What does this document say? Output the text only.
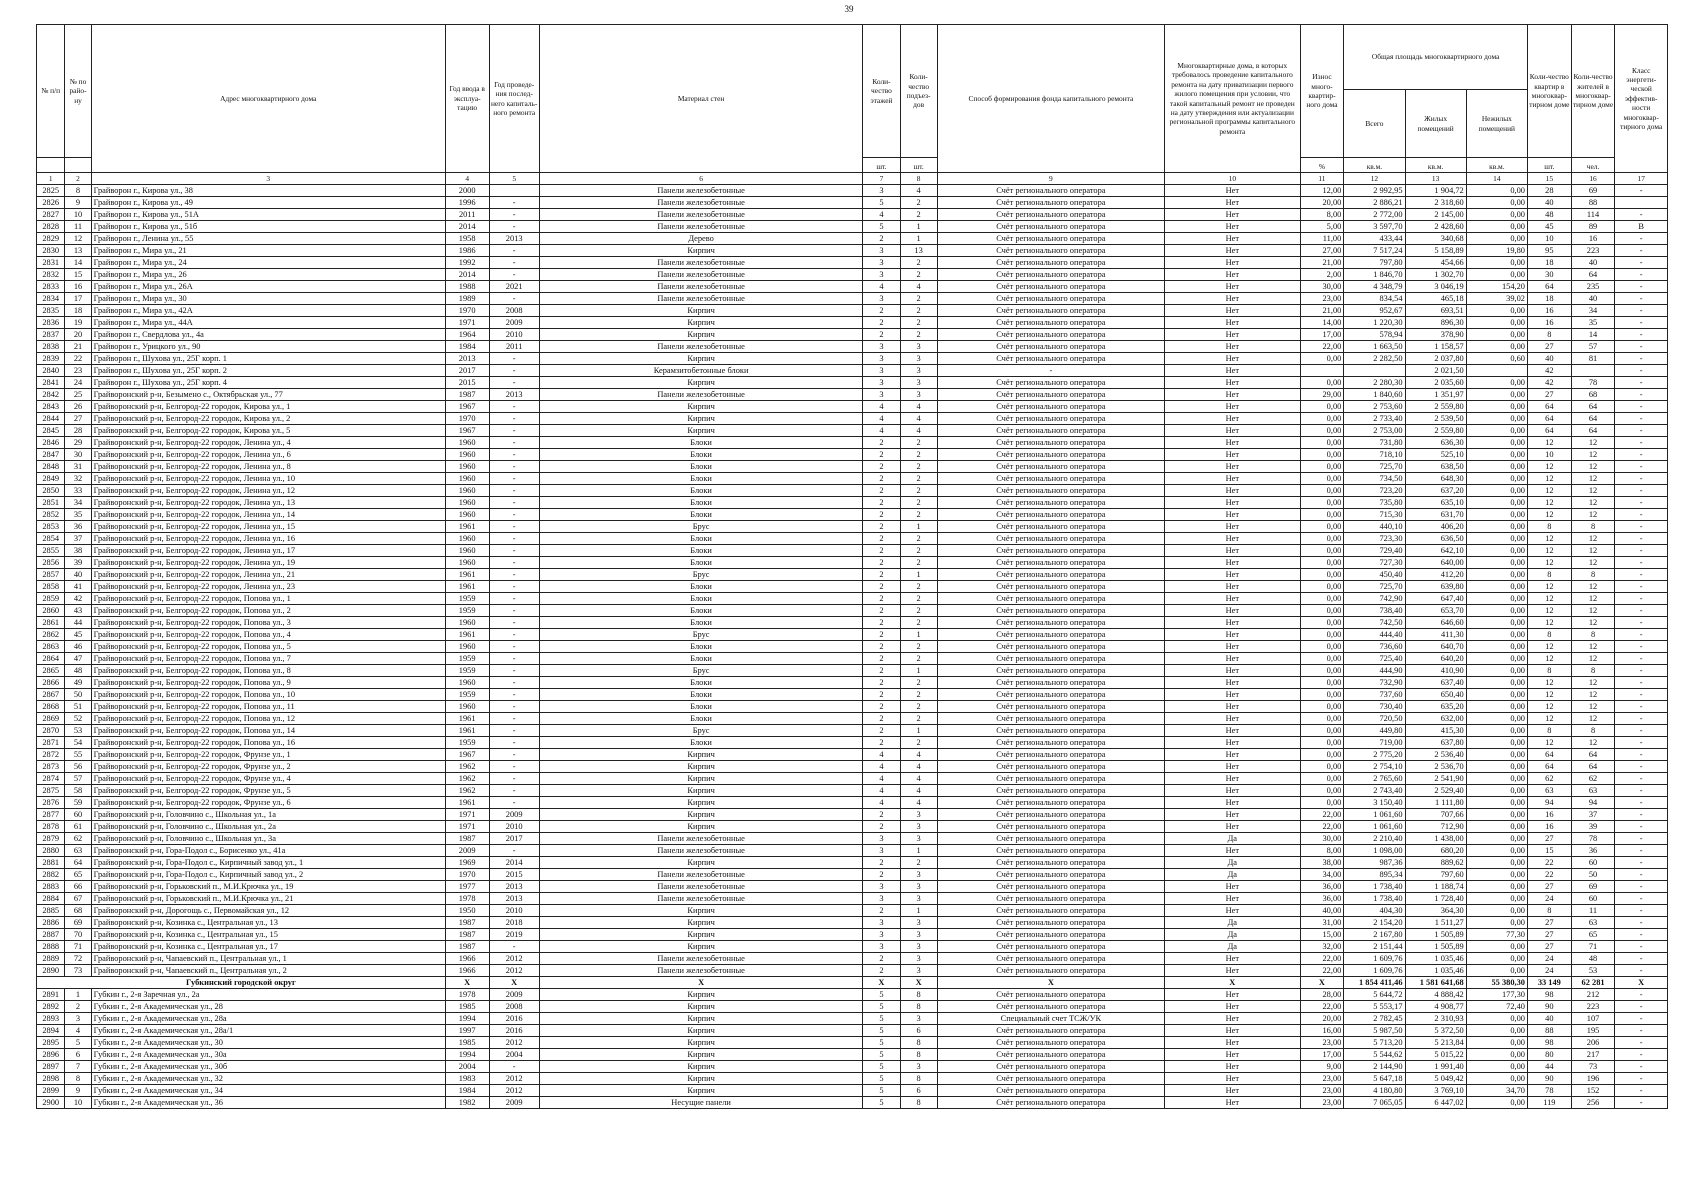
39
№ п/п	№ по райо-ну	Адрес многоквартирного дома	Год ввода в эксплуа-тацию	Год проведе-ния послед-него капиталь-ного ремонта	Материал стен	Коли-чество этажей	Коли-чество подъез-дов	Способ формирования фонда капитального ремонта	Многоквартирные дома, в которых требовалось проведение капитального ремонта на дату приватизации первого жилого помещения при условии, что такой капитальный ремонт не проведен на дату утверждения или актуализации региональной программы капитального ремонта	Износ много-квартир-ного дома	Общая площадь многоквартирного дома			Коли-чество квартир в многоквар-тирном доме	Коли-чество жителей в многоквар-тирном доме	Класс энергети-ческой эффектив-ности многоквар-тирного дома
											Всего	Жилых помещений	Нежилых помещений			
						шт.	шт.			%	кв.м.	кв.м.	кв.м.	шт.	чел.	
1	2	3	4	5	6	7	8	9	10	11	12	13	14	15	16	17
2825	8	Грайворон г., Кирова ул., 38	2000		Панели железобетонные	3	4	Счёт регионального оператора	Нет	12,00	2 992,95	1 904,72	0,00	28	69	-
2826	9	Грайворон г., Кирова ул., 49	1996	-	Панели железобетонные	5	2	Счёт регионального оператора	Нет	20,00	2 886,21	2 318,60	0,00	40	88	
2827	10	Грайворон г., Кирова ул., 51А	2011	-	Панели железобетонные	4	2	Счёт регионального оператора	Нет	8,00	2 772,00	2 145,00	0,00	48	114	-
2828	11	Грайворон г., Кирова ул., 51б	2014	-	Панели железобетонные	5	1	Счёт регионального оператора	Нет	5,00	3 597,70	2 428,60	0,00	45	89	В
2829	12	Грайворон г., Ленина ул., 55	1958	2013	Дерево	2	1	Счёт регионального оператора	Нет	11,00	433,44	340,68	0,00	10	16	-
2830	13	Грайворон г., Мира ул., 21	1986	-	Кирпич	3	13	Счёт регионального оператора	Нет	27,00	7 517,24	5 158,89	19,80	95	223	-
2831	14	Грайворон г., Мира ул., 24	1992	-	Панели железобетонные	3	2	Счёт регионального оператора	Нет	21,00	797,80	454,66	0,00	18	40	-
2832	15	Грайворон г., Мира ул., 26	2014	-	Панели железобетонные	3	2	Счёт регионального оператора	Нет	2,00	1 846,70	1 302,70	0,00	30	64	-
2833	16	Грайворон г., Мира ул., 26А	1988	2021	Панели железобетонные	4	4	Счёт регионального оператора	Нет	30,00	4 348,79	3 046,19	154,20	64	235	-
2834	17	Грайворон г., Мира ул., 30	1989	-	Панели железобетонные	3	2	Счёт регионального оператора	Нет	23,00	834,54	465,18	39,02	18	40	-
2835	18	Грайворон г., Мира ул., 42А	1970	2008	Кирпич	2	2	Счёт регионального оператора	Нет	21,00	952,67	693,51	0,00	16	34	-
2836	19	Грайворон г., Мира ул., 44А	1971	2009	Кирпич	2	2	Счёт регионального оператора	Нет	14,00	1 220,30	896,30	0,00	16	35	-
2837	20	Грайворон г., Свердлова ул., 4а	1964	2010	Кирпич	2	2	Счёт регионального оператора	Нет	17,00	578,94	378,90	0,00	8	14	-
2838	21	Грайворон г., Урицкого ул., 90	1984	2011	Панели железобетонные	3	3	Счёт регионального оператора	Нет	22,00	1 663,50	1 158,57	0,00	27	57	-
2839	22	Грайворон г., Шухова ул., 25Г корп. 1	2013	-	Кирпич	3	3	Счёт регионального оператора	Нет	0,00	2 282,50	2 037,80	0,60	40	81	-
2840	23	Грайворон г., Шухова ул., 25Г корп. 2	2017	-	Керамзитобетонные блоки	3	3	-	Нет			2 021,50		42		-
2841	24	Грайворон г., Шухова ул., 25Г корп. 4	2015	-	Кирпич	3	3	Счёт регионального оператора	Нет	0,00	2 280,30	2 035,60	0,00	42	78	-
2842	25	Грайворонский р-н, Безымено с., Октябрьская ул., 77	1987	2013	Панели железобетонные	3	3	Счёт регионального оператора	Нет	29,00	1 840,60	1 351,97	0,00	27	68	-
2843	26	Грайворонский р-н, Белгород-22 городок, Кирова ул., 1	1967	-	Кирпич	4	4	Счёт регионального оператора	Нет	0,00	2 753,60	2 559,80	0,00	64	64	-
2844	27	Грайворонский р-н, Белгород-22 городок, Кирова ул., 2	1970	-	Кирпич	4	4	Счёт регионального оператора	Нет	0,00	2 733,40	2 539,50	0,00	64	64	-
2845	28	Грайворонский р-н, Белгород-22 городок, Кирова ул., 5	1967	-	Кирпич	4	4	Счёт регионального оператора	Нет	0,00	2 753,00	2 559,80	0,00	64	64	-
2846	29	Грайворонский р-н, Белгород-22 городок, Ленина ул., 4	1960	-	Блоки	2	2	Счёт регионального оператора	Нет	0,00	731,80	636,30	0,00	12	12	-
2847	30	Грайворонский р-н, Белгород-22 городок, Ленина ул., 6	1960	-	Блоки	2	2	Счёт регионального оператора	Нет	0,00	718,10	525,10	0,00	10	12	-
2848	31	Грайворонский р-н, Белгород-22 городок, Ленина ул., 8	1960	-	Блоки	2	2	Счёт регионального оператора	Нет	0,00	725,70	638,50	0,00	12	12	-
2849	32	Грайворонский р-н, Белгород-22 городок, Ленина ул., 10	1960	-	Блоки	2	2	Счёт регионального оператора	Нет	0,00	734,50	648,30	0,00	12	12	-
2850	33	Грайворонский р-н, Белгород-22 городок, Ленина ул., 12	1960	-	Блоки	2	2	Счёт регионального оператора	Нет	0,00	723,20	637,20	0,00	12	12	-
2851	34	Грайворонский р-н, Белгород-22 городок, Ленина ул., 13	1960	-	Блоки	2	2	Счёт регионального оператора	Нет	0,00	735,80	635,10	0,00	12	12	-
2852	35	Грайворонский р-н, Белгород-22 городок, Ленина ул., 14	1960	-	Блоки	2	2	Счёт регионального оператора	Нет	0,00	715,30	631,70	0,00	12	12	-
2853	36	Грайворонский р-н, Белгород-22 городок, Ленина ул., 15	1961	-	Брус	2	1	Счёт регионального оператора	Нет	0,00	440,10	406,20	0,00	8	8	-
2854	37	Грайворонский р-н, Белгород-22 городок, Ленина ул., 16	1960	-	Блоки	2	2	Счёт регионального оператора	Нет	0,00	723,30	636,50	0,00	12	12	-
2855	38	Грайворонский р-н, Белгород-22 городок, Ленина ул., 17	1960	-	Блоки	2	2	Счёт регионального оператора	Нет	0,00	729,40	642,10	0,00	12	12	-
2856	39	Грайворонский р-н, Белгород-22 городок, Ленина ул., 19	1960	-	Блоки	2	2	Счёт регионального оператора	Нет	0,00	727,30	640,00	0,00	12	12	-
2857	40	Грайворонский р-н, Белгород-22 городок, Ленина ул., 21	1961	-	Брус	2	1	Счёт регионального оператора	Нет	0,00	450,40	412,20	0,00	8	8	-
2858	41	Грайворонский р-н, Белгород-22 городок, Ленина ул., 23	1961	-	Блоки	2	2	Счёт регионального оператора	Нет	0,00	725,70	639,80	0,00	12	12	-
2859	42	Грайворонский р-н, Белгород-22 городок, Попова ул., 1	1959	-	Блоки	2	2	Счёт регионального оператора	Нет	0,00	742,90	647,40	0,00	12	12	-
2860	43	Грайворонский р-н, Белгород-22 городок, Попова ул., 2	1959	-	Блоки	2	2	Счёт регионального оператора	Нет	0,00	738,40	653,70	0,00	12	12	-
2861	44	Грайворонский р-н, Белгород-22 городок, Попова ул., 3	1960	-	Блоки	2	2	Счёт регионального оператора	Нет	0,00	742,50	646,60	0,00	12	12	-
2862	45	Грайворонский р-н, Белгород-22 городок, Попова ул., 4	1961	-	Брус	2	1	Счёт регионального оператора	Нет	0,00	444,40	411,30	0,00	8	8	-
2863	46	Грайворонский р-н, Белгород-22 городок, Попова ул., 5	1960	-	Блоки	2	2	Счёт регионального оператора	Нет	0,00	736,60	640,70	0,00	12	12	-
2864	47	Грайворонский р-н, Белгород-22 городок, Попова ул., 7	1959	-	Блоки	2	2	Счёт регионального оператора	Нет	0,00	725,40	640,20	0,00	12	12	-
2865	48	Грайворонский р-н, Белгород-22 городок, Попова ул., 8	1959	-	Брус	2	1	Счёт регионального оператора	Нет	0,00	444,90	410,90	0,00	8	8	-
2866	49	Грайворонский р-н, Белгород-22 городок, Попова ул., 9	1960	-	Блоки	2	2	Счёт регионального оператора	Нет	0,00	732,90	637,40	0,00	12	12	-
2867	50	Грайворонский р-н, Белгород-22 городок, Попова ул., 10	1959	-	Блоки	2	2	Счёт регионального оператора	Нет	0,00	737,60	650,40	0,00	12	12	-
2868	51	Грайворонский р-н, Белгород-22 городок, Попова ул., 11	1960	-	Блоки	2	2	Счёт регионального оператора	Нет	0,00	730,40	635,20	0,00	12	12	-
2869	52	Грайворонский р-н, Белгород-22 городок, Попова ул., 12	1961	-	Блоки	2	2	Счёт регионального оператора	Нет	0,00	720,50	632,00	0,00	12	12	-
2870	53	Грайворонский р-н, Белгород-22 городок, Попова ул., 14	1961	-	Брус	2	1	Счёт регионального оператора	Нет	0,00	449,80	415,30	0,00	8	8	-
2871	54	Грайворонский р-н, Белгород-22 городок, Попова ул., 16	1959	-	Блоки	2	2	Счёт регионального оператора	Нет	0,00	719,00	637,80	0,00	12	12	-
2872	55	Грайворонский р-н, Белгород-22 городок, Фрунзе ул., 1	1967	-	Кирпич	4	4	Счёт регионального оператора	Нет	0,00	2 775,20	2 536,40	0,00	64	64	-
2873	56	Грайворонский р-н, Белгород-22 городок, Фрунзе ул., 2	1962	-	Кирпич	4	4	Счёт регионального оператора	Нет	0,00	2 754,10	2 536,70	0,00	64	64	-
2874	57	Грайворонский р-н, Белгород-22 городок, Фрунзе ул., 4	1962	-	Кирпич	4	4	Счёт регионального оператора	Нет	0,00	2 765,60	2 541,90	0,00	62	62	-
2875	58	Грайворонский р-н, Белгород-22 городок, Фрунзе ул., 5	1962	-	Кирпич	4	4	Счёт регионального оператора	Нет	0,00	2 743,40	2 529,40	0,00	63	63	-
2876	59	Грайворонский р-н, Белгород-22 городок, Фрунзе ул., 6	1961	-	Кирпич	4	4	Счёт регионального оператора	Нет	0,00	3 150,40	1 111,80	0,00	94	94	-
2877	60	Грайворонский р-н, Головчино с., Школьная ул., 1а	1971	2009	Кирпич	2	3	Счёт регионального оператора	Нет	22,00	1 061,60	707,66	0,00	16	37	-
2878	61	Грайворонский р-н, Головчино с., Школьная ул., 2а	1971	2010	Кирпич	2	3	Счёт регионального оператора	Нет	22,00	1 061,60	712,90	0,00	16	39	-
2879	62	Грайворонский р-н, Головчино с., Школьная ул., 3а	1987	2017	Панели железобетонные	3	3	Счёт регионального оператора	Да	30,00	2 210,40	1 438,00	0,00	27	78	-
2880	63	Грайворонский р-н, Гора-Подол с., Борисенко ул., 41а	2009	-	Панели железобетонные	3	1	Счёт регионального оператора	Нет	8,00	1 098,00	680,20	0,00	15	36	-
2881	64	Грайворонский р-н, Гора-Подол с., Кирпичный завод ул., 1	1969	2014	Кирпич	2	2	Счёт регионального оператора	Да	38,00	987,36	889,62	0,00	22	60	-
2882	65	Грайворонский р-н, Гора-Подол с., Кирпичный завод ул., 2	1970	2015	Панели железобетонные	2	3	Счёт регионального оператора	Да	34,00	895,34	797,60	0,00	22	50	-
2883	66	Грайворонский р-н, Горьковский п., М.И.Крючка ул., 19	1977	2013	Панели железобетонные	3	3	Счёт регионального оператора	Нет	36,00	1 738,40	1 188,74	0,00	27	69	-
2884	67	Грайворонский р-н, Горьковский п., М.И.Крючка ул., 21	1978	2013	Панели железобетонные	3	3	Счёт регионального оператора	Нет	36,00	1 738,40	1 728,40	0,00	24	60	-
2885	68	Грайворонский р-н, Дорогощь с., Первомайская ул., 12	1950	2010	Кирпич	2	1	Счёт регионального оператора	Нет	40,00	404,30	364,30	0,00	8	11	-
2886	69	Грайворонский р-н, Козинка с., Центральная ул., 13	1987	2018	Кирпич	3	3	Счёт регионального оператора	Да	31,00	2 154,20	1 511,27	0,00	27	63	-
2887	70	Грайворонский р-н, Козинка с., Центральная ул., 15	1987	2019	Кирпич	3	3	Счёт регионального оператора	Да	15,00	2 167,80	1 505,89	77,30	27	65	-
2888	71	Грайворонский р-н, Козинка с., Центральная ул., 17	1987	-	Кирпич	3	3	Счёт регионального оператора	Да	32,00	2 151,44	1 505,89	0,00	27	71	-
2889	72	Грайворонский р-н, Чапаевский п., Центральная ул., 1	1966	2012	Панели железобетонные	2	3	Счёт регионального оператора	Нет	22,00	1 609,76	1 035,46	0,00	24	48	-
2890	73	Грайворонский р-н, Чапаевский п., Центральная ул., 2	1966	2012	Панели железобетонные	2	3	Счёт регионального оператора	Нет	22,00	1 609,76	1 035,46	0,00	24	53	-
Губкинский городской округ			X	X	X	X	X	X	X	X	1 854 411,46	1 581 641,68	55 380,30	33 149	62 281	X
2891	1	Губкин г., 2-я Заречная ул., 2а	1978	2009	Кирпич	5	8	Счёт регионального оператора	Нет	28,00	5 644,72	4 888,42	177,30	98	212	-
2892	2	Губкин г., 2-я Академическая ул., 28	1985	2008	Кирпич	5	8	Счёт регионального оператора	Нет	22,00	5 553,17	4 908,77	72,40	90	223	-
2893	3	Губкин г., 2-я Академическая ул., 28а	1994	2016	Кирпич	5	3	Специальный счет ТСЖ/УК	Нет	20,00	2 782,45	2 310,93	0,00	40	107	-
2894	4	Губкин г., 2-я Академическая ул., 28а/1	1997	2016	Кирпич	5	6	Счёт регионального оператора	Нет	16,00	5 987,50	5 372,50	0,00	88	195	-
2895	5	Губкин г., 2-я Академическая ул., 30	1985	2012	Кирпич	5	8	Счёт регионального оператора	Нет	23,00	5 713,20	5 213,84	0,00	98	206	-
2896	6	Губкин г., 2-я Академическая ул., 30а	1994	2004	Кирпич	5	8	Счёт регионального оператора	Нет	17,00	5 544,62	5 015,22	0,00	80	217	-
2897	7	Губкин г., 2-я Академическая ул., 30б	2004	-	Кирпич	5	3	Счёт регионального оператора	Нет	9,00	2 144,90	1 991,40	0,00	44	73	-
2898	8	Губкин г., 2-я Академическая ул., 32	1983	2012	Кирпич	5	8	Счёт регионального оператора	Нет	23,00	5 647,18	5 049,42	0,00	90	196	-
2899	9	Губкин г., 2-я Академическая ул., 34	1984	2012	Кирпич	5	6	Счёт регионального оператора	Нет	23,00	4 180,80	3 769,10	34,70	78	152	-
2900	10	Губкин г., 2-я Академическая ул., 36	1982	2009	Несущие панели	5	8	Счёт регионального оператора	Нет	23,00	7 065,05	6 447,02	0,00	119	256	-
